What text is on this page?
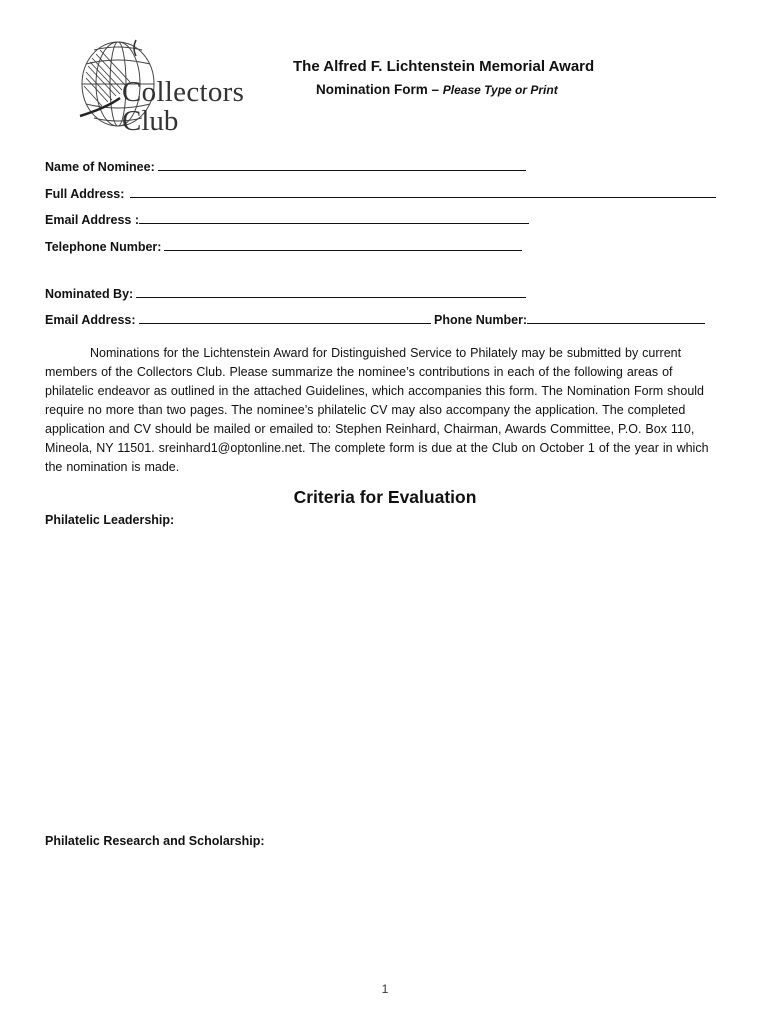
Collectors
Club
The Alfred F. Lichtenstein Memorial Award
Nomination Form – Please Type or Print
Name of Nominee:
Full Address:
Email Address :
Telephone Number:
Nominated By:
Email Address:	Phone Number:
Nominations for the Lichtenstein Award for Distinguished Service to Philately may be submitted by current members of the Collectors Club. Please summarize the nominee’s contributions in each of the following areas of philatelic endeavor as outlined in the attached Guidelines, which accompanies this form. The Nomination Form should require no more than two pages. The nominee’s philatelic CV may also accompany the application. The completed application and CV should be mailed or emailed to: Stephen Reinhard, Chairman, Awards Committee, P.O. Box 110, Mineola, NY 11501. sreinhard1@optonline.net. The complete form is due at the Club on October 1 of the year in which the nomination is made.
Criteria for Evaluation
Philatelic Leadership:
Philatelic Research and Scholarship:
1
